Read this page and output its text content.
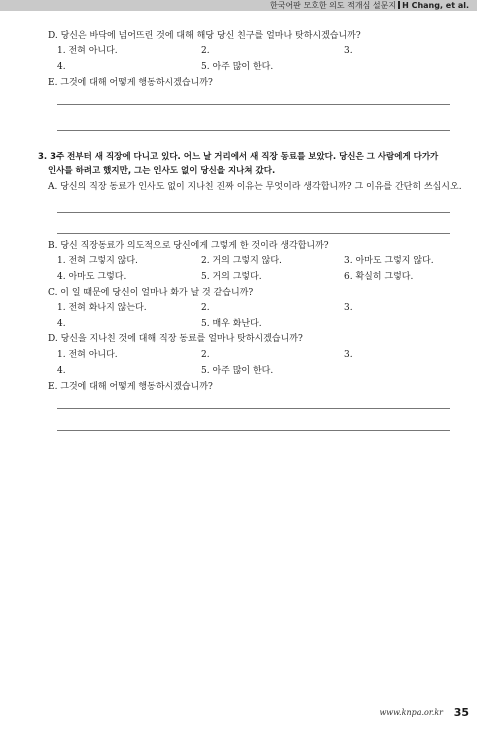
한국어판 모호한 의도 적개심 설문지 H Chang, et al.
D. 당신은 바닥에 넘어뜨린 것에 대해 해당 당신 친구를 얼마나 탓하시겠습니까?
1. 전혀 아니다.	2.	3.
4.	5. 아주 많이 한다.
E. 그것에 대해 어떻게 행동하시겠습니까?
3. 3주 전부터 새 직장에 다니고 있다. 어느 날 거리에서 새 직장 동료를 보았다. 당신은 그 사람에게 다가가
인사를 하려고 했지만, 그는 인사도 없이 당신을 지나쳐 갔다.
A. 당신의 직장 동료가 인사도 없이 지나친 진짜 이유는 무엇이라 생각합니까? 그 이유를 간단히 쓰십시오.
B. 당신 직장동료가 의도적으로 당신에게 그렇게 한 것이라 생각합니까?
1. 전혀 그렇지 않다.	2. 거의 그렇지 않다.	3. 아마도 그렇지 않다.
4. 아마도 그렇다.	5. 거의 그렇다.	6. 확실히 그렇다.
C. 이 일 때문에 당신이 얼마나 화가 날 것 같습니까?
1. 전혀 화나지 않는다.	2.	3.
4.	5. 매우 화난다.
D. 당신을 지나친 것에 대해 직장 동료를 얼마나 탓하시겠습니까?
1. 전혀 아니다.	2.	3.
4.	5. 아주 많이 한다.
E. 그것에 대해 어떻게 행동하시겠습니까?
www.knpa.or.kr 35
